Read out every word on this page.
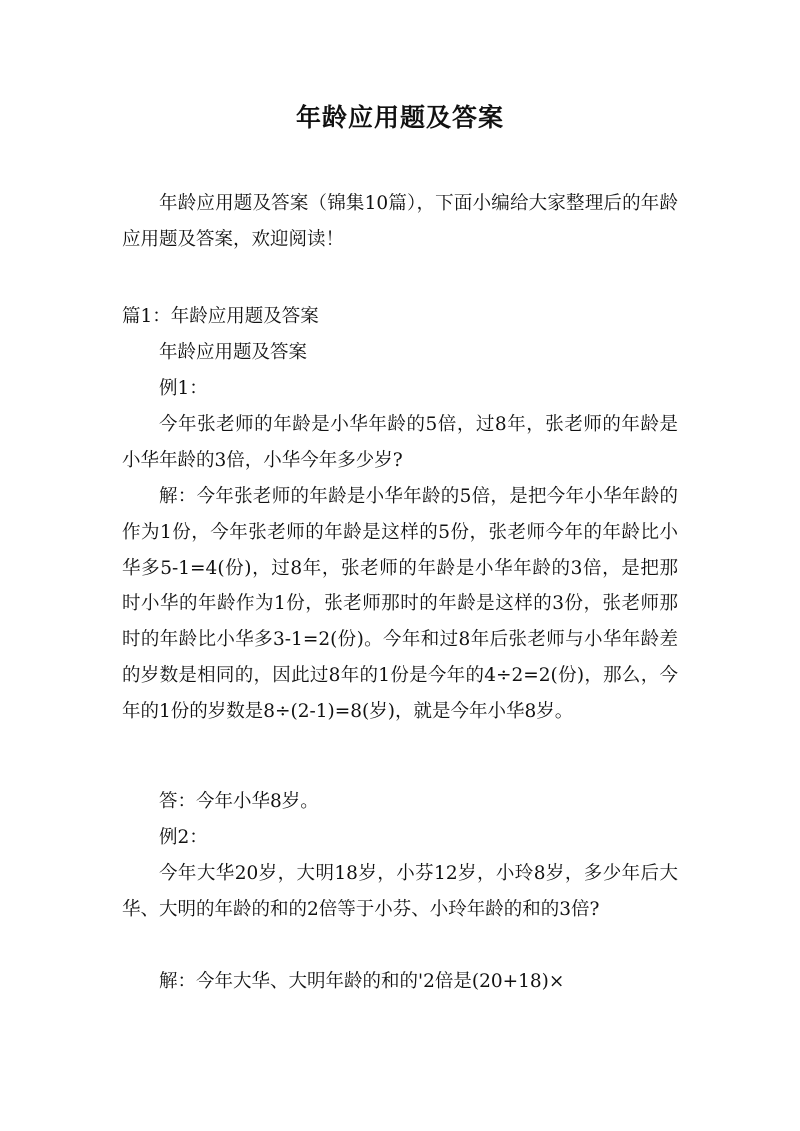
年龄应用题及答案
年龄应用题及答案（锦集10篇），下面小编给大家整理后的年龄应用题及答案，欢迎阅读！
篇1：年龄应用题及答案
年龄应用题及答案
例1：
今年张老师的年龄是小华年龄的5倍，过8年，张老师的年龄是小华年龄的3倍，小华今年多少岁?
解：今年张老师的年龄是小华年龄的5倍，是把今年小华年龄的作为1份，今年张老师的年龄是这样的5份，张老师今年的年龄比小华多5-1=4(份)，过8年，张老师的年龄是小华年龄的3倍，是把那时小华的年龄作为1份，张老师那时的年龄是这样的3份，张老师那时的年龄比小华多3-1=2(份)。今年和过8年后张老师与小华年龄差的岁数是相同的，因此过8年的1份是今年的4÷2=2(份)，那么，今年的1份的岁数是8÷(2-1)=8(岁)，就是今年小华8岁。
答：今年小华8岁。
例2：
今年大华20岁，大明18岁，小芬12岁，小玲8岁，多少年后大华、大明的年龄的和的2倍等于小芬、小玲年龄的和的3倍?
解：今年大华、大明年龄的和的'2倍是(20+18)×
